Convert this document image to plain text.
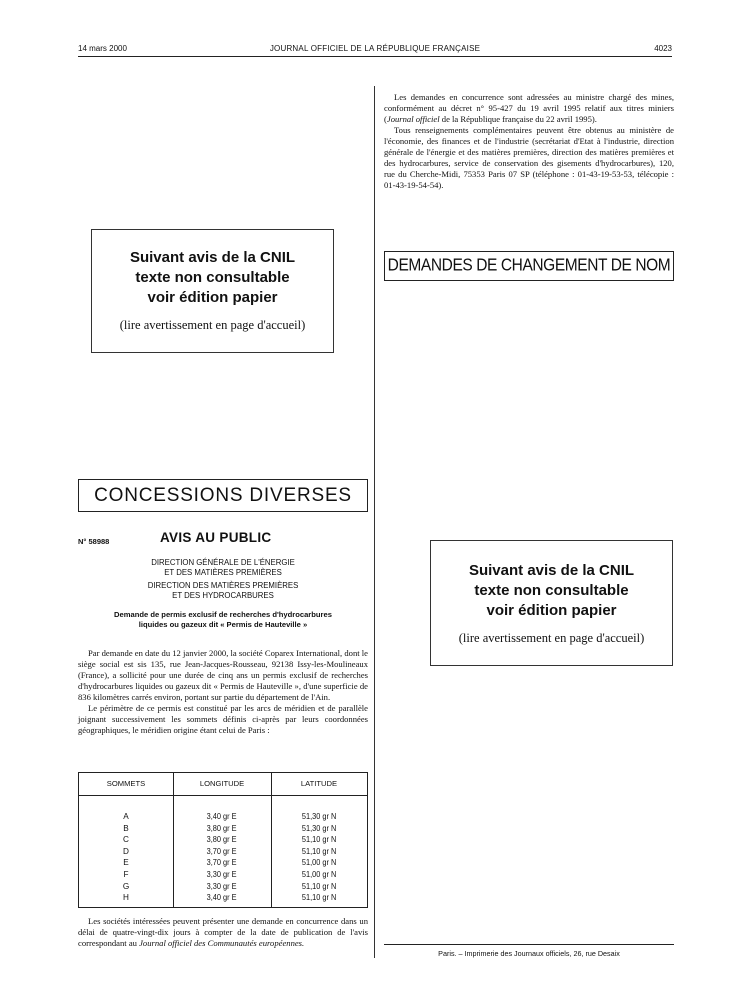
14 mars 2000	JOURNAL OFFICIEL DE LA RÉPUBLIQUE FRANÇAISE	4023

Les demandes en concurrence sont adressées au ministre chargé des mines, conformément au décret n° 95-427 du 19 avril 1995 relatif aux titres miniers (Journal officiel de la République française du 22 avril 1995).

Tous renseignements complémentaires peuvent être obtenus au ministère de l'économie, des finances et de l'industrie (secrétariat d'Etat à l'industrie, direction générale de l'énergie et des matières premières, direction des matières premières et des hydrocarbures, service de conservation des gisements d'hydrocarbures), 120, rue du Cherche-Midi, 75353 Paris 07 SP (téléphone : 01-43-19-53-53, télécopie : 01-43-19-54-54).

Suivant avis de la CNIL
texte non consultable
voir édition papier
(lire avertissement en page d'accueil)
DEMANDES DE CHANGEMENT DE NOM
CONCESSIONS DIVERSES
N° 58988	AVIS AU PUBLIC
DIRECTION GÉNÉRALE DE L'ÉNERGIE
ET DES MATIÈRES PREMIÈRES
DIRECTION DES MATIÈRES PREMIÈRES
ET DES HYDROCARBURES
Demande de permis exclusif de recherches d'hydrocarbures
liquides ou gazeux dit « Permis de Hauteville »

Par demande en date du 12 janvier 2000, la société Coparex International, dont le siège social est sis 135, rue Jean-Jacques-Rousseau, 92138 Issy-les-Moulineaux (France), a sollicité pour une durée de cinq ans un permis exclusif de recherches d'hydrocarbures liquides ou gazeux dit « Permis de Hauteville », d'une superficie de 836 kilomètres carrés environ, portant sur partie du département de l'Ain.

Le périmètre de ce permis est constitué par les arcs de méridien et de parallèle joignant successivement les sommets définis ci-après par leurs coordonnées géographiques, le méridien origine étant celui de Paris :

SOMMETS	LONGITUDE	LATITUDE
A	3,40 gr E	51,30 gr N
B	3,80 gr E	51,30 gr N
C	3,80 gr E	51,10 gr N
D	3,70 gr E	51,10 gr N
E	3,70 gr E	51,00 gr N
F	3,30 gr E	51,00 gr N
G	3,30 gr E	51,10 gr N
H	3,40 gr E	51,10 gr N

Les sociétés intéressées peuvent présenter une demande en concurrence dans un délai de quatre-vingt-dix jours à compter de la date de publication de l'avis correspondant au Journal officiel des Communautés européennes.

Suivant avis de la CNIL
texte non consultable
voir édition papier
(lire avertissement en page d'accueil)
Paris. – Imprimerie des Journaux officiels, 26, rue Desaix
